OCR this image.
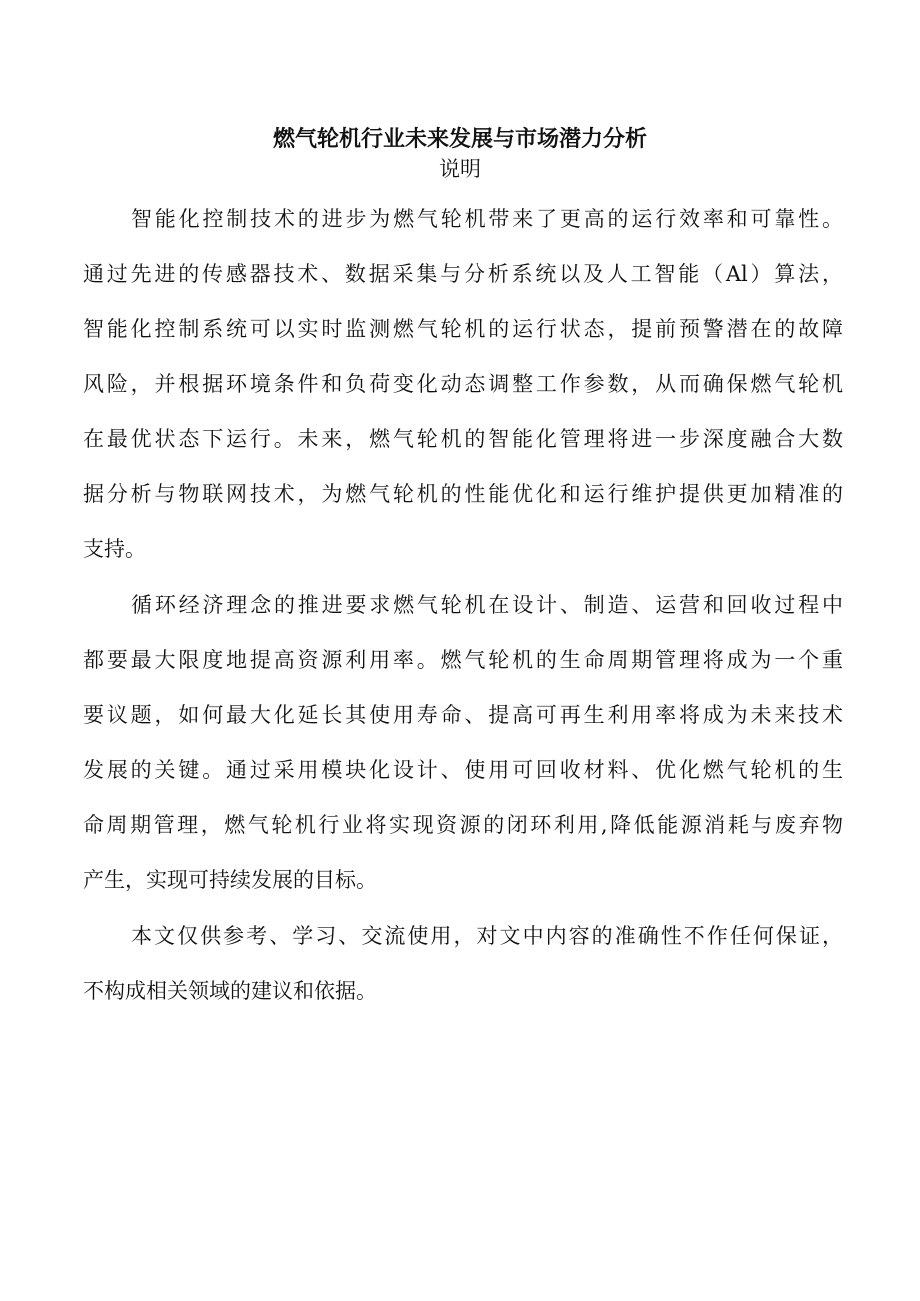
燃气轮机行业未来发展与市场潜力分析
说明
智能化控制技术的进步为燃气轮机带来了更高的运行效率和可靠性。
通过先进的传感器技术、数据采集与分析系统以及人工智能（Al）算法，
智能化控制系统可以实时监测燃气轮机的运行状态，提前预警潜在的故障
风险，并根据环境条件和负荷变化动态调整工作参数，从而确保燃气轮机
在最优状态下运行。未来，燃气轮机的智能化管理将进一步深度融合大数
据分析与物联网技术，为燃气轮机的性能优化和运行维护提供更加精准的
支持。
循环经济理念的推进要求燃气轮机在设计、制造、运营和回收过程中
都要最大限度地提高资源利用率。燃气轮机的生命周期管理将成为一个重
要议题，如何最大化延长其使用寿命、提高可再生利用率将成为未来技术
发展的关键。通过采用模块化设计、使用可回收材料、优化燃气轮机的生
命周期管理，燃气轮机行业将实现资源的闭环利用,降低能源消耗与废弃物
产生，实现可持续发展的目标。
本文仅供参考、学习、交流使用，对文中内容的准确性不作任何保证，
不构成相关领域的建议和依据。
